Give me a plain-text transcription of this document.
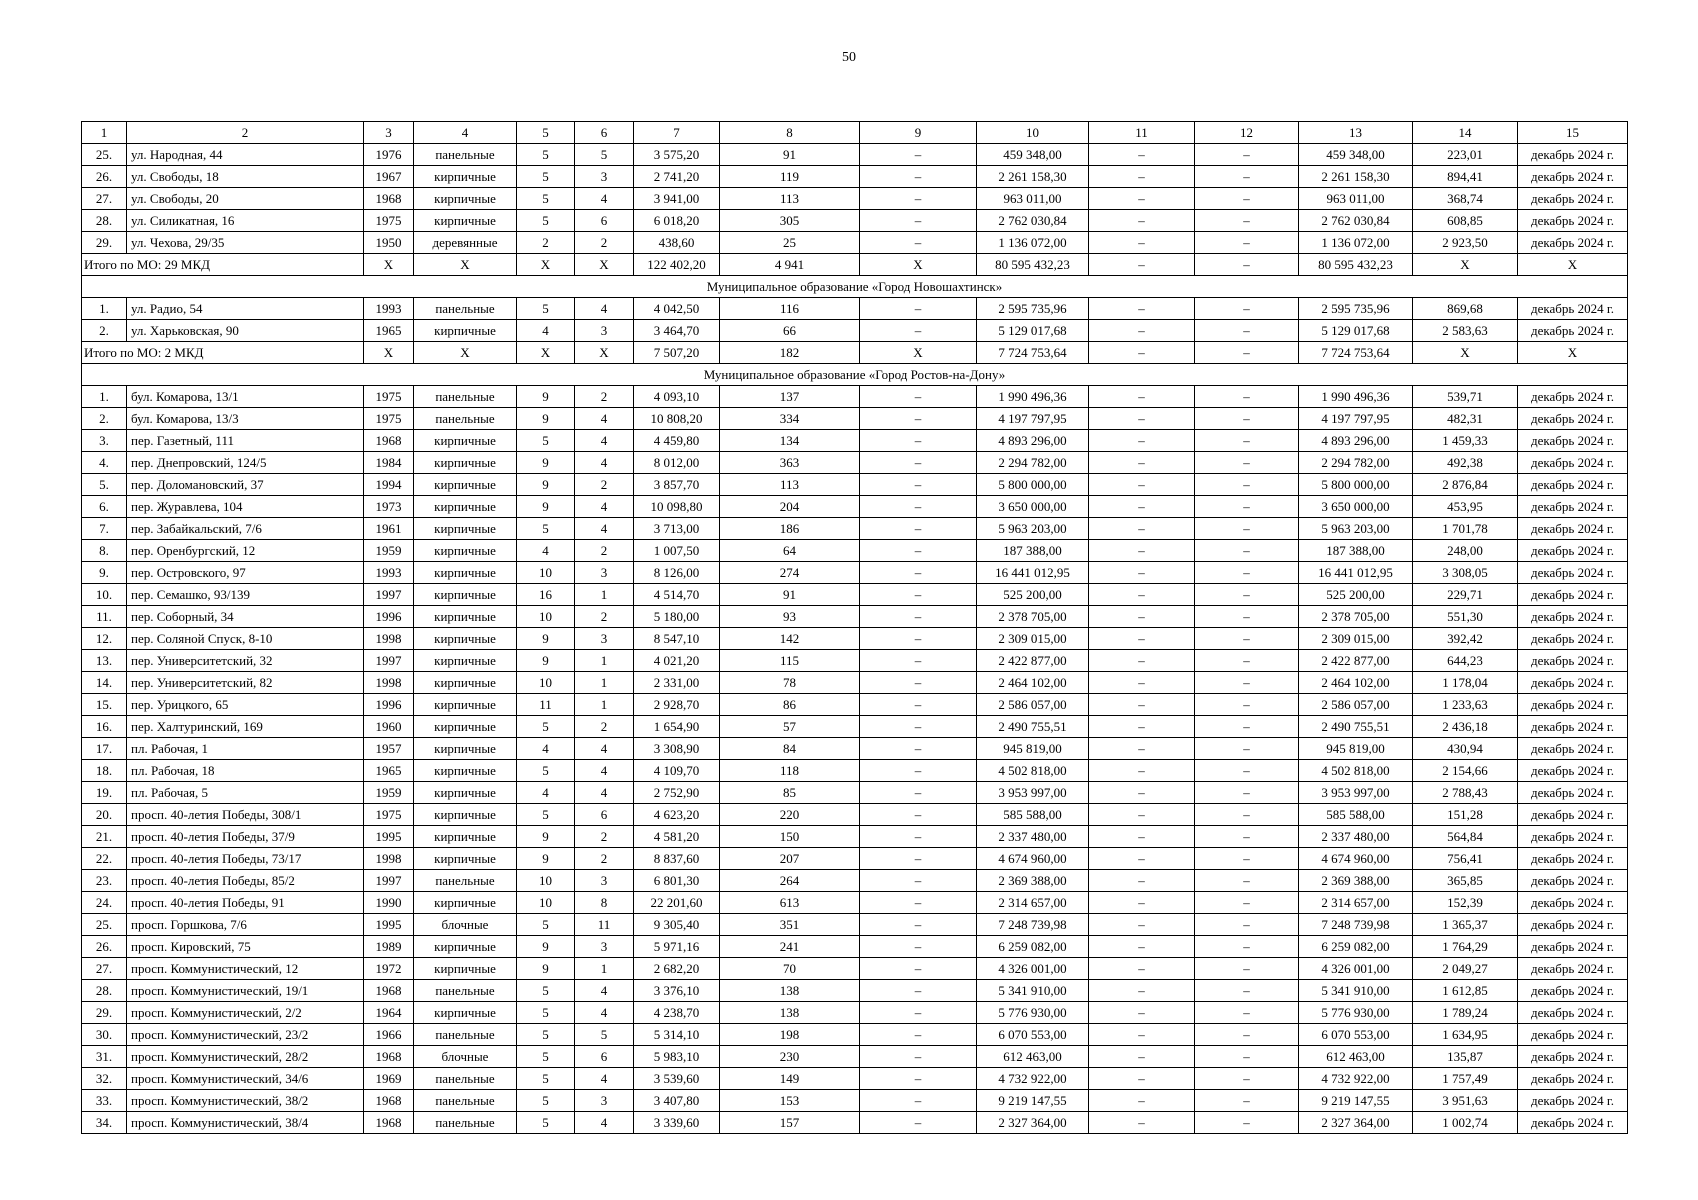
50
1	2	3	4	5	6	7	8	9	10	11	12	13	14	15
25.	ул. Народная, 44	1976	панельные	5	5	3 575,20	91	–	459 348,00	–	–	459 348,00	223,01	декабрь 2024 г.
26.	ул. Свободы, 18	1967	кирпичные	5	3	2 741,20	119	–	2 261 158,30	–	–	2 261 158,30	894,41	декабрь 2024 г.
27.	ул. Свободы, 20	1968	кирпичные	5	4	3 941,00	113	–	963 011,00	–	–	963 011,00	368,74	декабрь 2024 г.
28.	ул. Силикатная, 16	1975	кирпичные	5	6	6 018,20	305	–	2 762 030,84	–	–	2 762 030,84	608,85	декабрь 2024 г.
29.	ул. Чехова, 29/35	1950	деревянные	2	2	438,60	25	–	1 136 072,00	–	–	1 136 072,00	2 923,50	декабрь 2024 г.
Итого по МО: 29 МКД		Х	Х	Х	Х	122 402,20	4 941	Х	80 595 432,23	–	–	80 595 432,23	Х	Х
Муниципальное образование «Город Новошахтинск»														
1.	ул. Радио, 54	1993	панельные	5	4	4 042,50	116	–	2 595 735,96	–	–	2 595 735,96	869,68	декабрь 2024 г.
2.	ул. Харьковская, 90	1965	кирпичные	4	3	3 464,70	66	–	5 129 017,68	–	–	5 129 017,68	2 583,63	декабрь 2024 г.
Итого по МО: 2 МКД		Х	Х	Х	Х	7 507,20	182	Х	7 724 753,64	–	–	7 724 753,64	Х	Х
Муниципальное образование «Город Ростов-на-Дону»														
1.	бул. Комарова, 13/1	1975	панельные	9	2	4 093,10	137	–	1 990 496,36	–	–	1 990 496,36	539,71	декабрь 2024 г.
2.	бул. Комарова, 13/3	1975	панельные	9	4	10 808,20	334	–	4 197 797,95	–	–	4 197 797,95	482,31	декабрь 2024 г.
3.	пер. Газетный, 111	1968	кирпичные	5	4	4 459,80	134	–	4 893 296,00	–	–	4 893 296,00	1 459,33	декабрь 2024 г.
4.	пер. Днепровский, 124/5	1984	кирпичные	9	4	8 012,00	363	–	2 294 782,00	–	–	2 294 782,00	492,38	декабрь 2024 г.
5.	пер. Доломановский, 37	1994	кирпичные	9	2	3 857,70	113	–	5 800 000,00	–	–	5 800 000,00	2 876,84	декабрь 2024 г.
6.	пер. Журавлева, 104	1973	кирпичные	9	4	10 098,80	204	–	3 650 000,00	–	–	3 650 000,00	453,95	декабрь 2024 г.
7.	пер. Забайкальский, 7/6	1961	кирпичные	5	4	3 713,00	186	–	5 963 203,00	–	–	5 963 203,00	1 701,78	декабрь 2024 г.
8.	пер. Оренбургский, 12	1959	кирпичные	4	2	1 007,50	64	–	187 388,00	–	–	187 388,00	248,00	декабрь 2024 г.
9.	пер. Островского, 97	1993	кирпичные	10	3	8 126,00	274	–	16 441 012,95	–	–	16 441 012,95	3 308,05	декабрь 2024 г.
10.	пер. Семашко, 93/139	1997	кирпичные	16	1	4 514,70	91	–	525 200,00	–	–	525 200,00	229,71	декабрь 2024 г.
11.	пер. Соборный, 34	1996	кирпичные	10	2	5 180,00	93	–	2 378 705,00	–	–	2 378 705,00	551,30	декабрь 2024 г.
12.	пер. Соляной Спуск, 8-10	1998	кирпичные	9	3	8 547,10	142	–	2 309 015,00	–	–	2 309 015,00	392,42	декабрь 2024 г.
13.	пер. Университетский, 32	1997	кирпичные	9	1	4 021,20	115	–	2 422 877,00	–	–	2 422 877,00	644,23	декабрь 2024 г.
14.	пер. Университетский, 82	1998	кирпичные	10	1	2 331,00	78	–	2 464 102,00	–	–	2 464 102,00	1 178,04	декабрь 2024 г.
15.	пер. Урицкого, 65	1996	кирпичные	11	1	2 928,70	86	–	2 586 057,00	–	–	2 586 057,00	1 233,63	декабрь 2024 г.
16.	пер. Халтуринский, 169	1960	кирпичные	5	2	1 654,90	57	–	2 490 755,51	–	–	2 490 755,51	2 436,18	декабрь 2024 г.
17.	пл. Рабочая, 1	1957	кирпичные	4	4	3 308,90	84	–	945 819,00	–	–	945 819,00	430,94	декабрь 2024 г.
18.	пл. Рабочая, 18	1965	кирпичные	5	4	4 109,70	118	–	4 502 818,00	–	–	4 502 818,00	2 154,66	декабрь 2024 г.
19.	пл. Рабочая, 5	1959	кирпичные	4	4	2 752,90	85	–	3 953 997,00	–	–	3 953 997,00	2 788,43	декабрь 2024 г.
20.	просп. 40-летия Победы, 308/1	1975	кирпичные	5	6	4 623,20	220	–	585 588,00	–	–	585 588,00	151,28	декабрь 2024 г.
21.	просп. 40-летия Победы, 37/9	1995	кирпичные	9	2	4 581,20	150	–	2 337 480,00	–	–	2 337 480,00	564,84	декабрь 2024 г.
22.	просп. 40-летия Победы, 73/17	1998	кирпичные	9	2	8 837,60	207	–	4 674 960,00	–	–	4 674 960,00	756,41	декабрь 2024 г.
23.	просп. 40-летия Победы, 85/2	1997	панельные	10	3	6 801,30	264	–	2 369 388,00	–	–	2 369 388,00	365,85	декабрь 2024 г.
24.	просп. 40-летия Победы, 91	1990	кирпичные	10	8	22 201,60	613	–	2 314 657,00	–	–	2 314 657,00	152,39	декабрь 2024 г.
25.	просп. Горшкова, 7/6	1995	блочные	5	11	9 305,40	351	–	7 248 739,98	–	–	7 248 739,98	1 365,37	декабрь 2024 г.
26.	просп. Кировский, 75	1989	кирпичные	9	3	5 971,16	241	–	6 259 082,00	–	–	6 259 082,00	1 764,29	декабрь 2024 г.
27.	просп. Коммунистический, 12	1972	кирпичные	9	1	2 682,20	70	–	4 326 001,00	–	–	4 326 001,00	2 049,27	декабрь 2024 г.
28.	просп. Коммунистический, 19/1	1968	панельные	5	4	3 376,10	138	–	5 341 910,00	–	–	5 341 910,00	1 612,85	декабрь 2024 г.
29.	просп. Коммунистический, 2/2	1964	кирпичные	5	4	4 238,70	138	–	5 776 930,00	–	–	5 776 930,00	1 789,24	декабрь 2024 г.
30.	просп. Коммунистический, 23/2	1966	панельные	5	5	5 314,10	198	–	6 070 553,00	–	–	6 070 553,00	1 634,95	декабрь 2024 г.
31.	просп. Коммунистический, 28/2	1968	блочные	5	6	5 983,10	230	–	612 463,00	–	–	612 463,00	135,87	декабрь 2024 г.
32.	просп. Коммунистический, 34/6	1969	панельные	5	4	3 539,60	149	–	4 732 922,00	–	–	4 732 922,00	1 757,49	декабрь 2024 г.
33.	просп. Коммунистический, 38/2	1968	панельные	5	3	3 407,80	153	–	9 219 147,55	–	–	9 219 147,55	3 951,63	декабрь 2024 г.
34.	просп. Коммунистический, 38/4	1968	панельные	5	4	3 339,60	157	–	2 327 364,00	–	–	2 327 364,00	1 002,74	декабрь 2024 г.
